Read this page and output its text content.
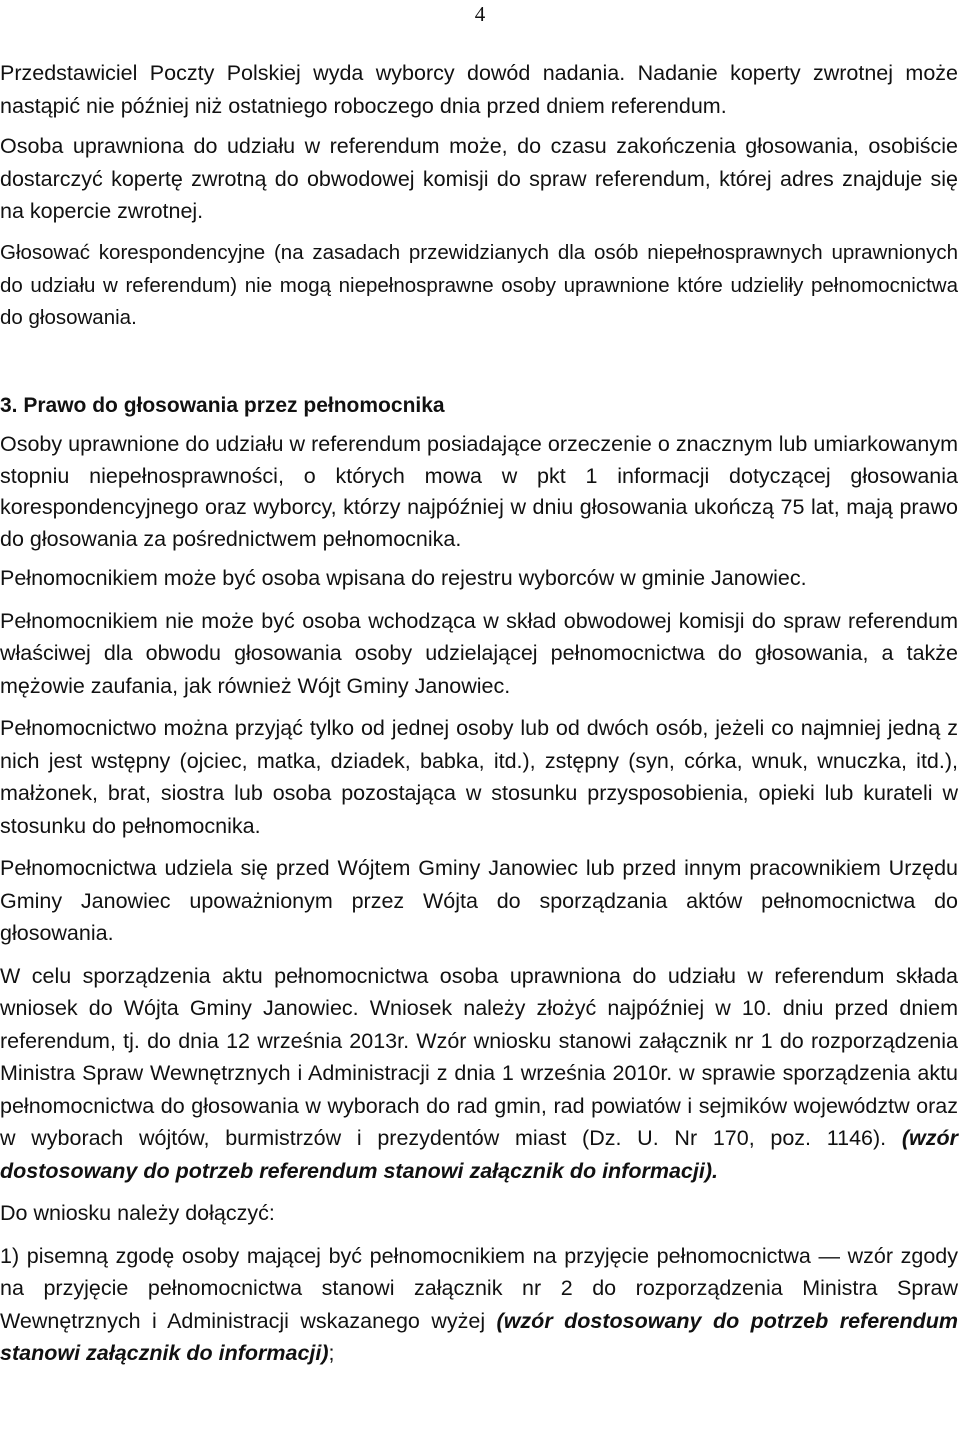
4

Przedstawiciel Poczty Polskiej wyda wyborcy dowód nadania. Nadanie koperty zwrotnej może nastąpić nie później niż ostatniego roboczego dnia przed dniem referendum.

Osoba uprawniona do udziału w referendum może, do czasu zakończenia głosowania, osobiście dostarczyć kopertę zwrotną do obwodowej komisji do spraw referendum, której adres znajduje się na kopercie zwrotnej.

Głosować korespondencyjne (na zasadach przewidzianych dla osób niepełnosprawnych uprawnionych do udziału w referendum) nie mogą niepełnosprawne osoby uprawnione które udzieliły pełnomocnictwa do głosowania.

3. Prawo do głosowania przez pełnomocnika

Osoby uprawnione do udziału w referendum posiadające orzeczenie o znacznym lub umiarkowanym stopniu niepełnosprawności, o których mowa w pkt 1 informacji dotyczącej głosowania korespondencyjnego oraz wyborcy, którzy najpóźniej w dniu głosowania ukończą 75 lat, mają prawo do głosowania za pośrednictwem pełnomocnika.

Pełnomocnikiem może być osoba wpisana do rejestru wyborców w gminie Janowiec.

Pełnomocnikiem nie może być osoba wchodząca w skład obwodowej komisji do spraw referendum właściwej dla obwodu głosowania osoby udzielającej pełnomocnictwa do głosowania, a także mężowie zaufania, jak również Wójt Gminy Janowiec.

Pełnomocnictwo można przyjąć tylko od jednej osoby lub od dwóch osób, jeżeli co najmniej jedną z nich jest wstępny (ojciec, matka, dziadek, babka, itd.), zstępny (syn, córka, wnuk, wnuczka, itd.), małżonek, brat, siostra lub osoba pozostająca w stosunku przysposobienia, opieki lub kurateli w stosunku do pełnomocnika.

Pełnomocnictwa udziela się przed Wójtem Gminy Janowiec lub przed innym pracownikiem Urzędu Gminy Janowiec upoważnionym przez Wójta do sporządzania aktów pełnomocnictwa do głosowania.

W celu sporządzenia aktu pełnomocnictwa osoba uprawniona do udziału w referendum składa wniosek do Wójta Gminy Janowiec. Wniosek należy złożyć najpóźniej w 10. dniu przed dniem referendum, tj. do dnia 12 września 2013r. Wzór wniosku stanowi załącznik nr 1 do rozporządzenia Ministra Spraw Wewnętrznych i Administracji z dnia 1 września 2010r. w sprawie sporządzenia aktu pełnomocnictwa do głosowania w wyborach do rad gmin, rad powiatów i sejmików województw oraz w wyborach wójtów, burmistrzów i prezydentów miast (Dz. U. Nr 170, poz. 1146). (wzór dostosowany do potrzeb referendum stanowi załącznik do informacji).

Do wniosku należy dołączyć:

1) pisemną zgodę osoby mającej być pełnomocnikiem na przyjęcie pełnomocnictwa — wzór zgody na przyjęcie pełnomocnictwa stanowi załącznik nr 2 do rozporządzenia Ministra Spraw Wewnętrznych i Administracji wskazanego wyżej (wzór dostosowany do potrzeb referendum stanowi załącznik do informacji);
